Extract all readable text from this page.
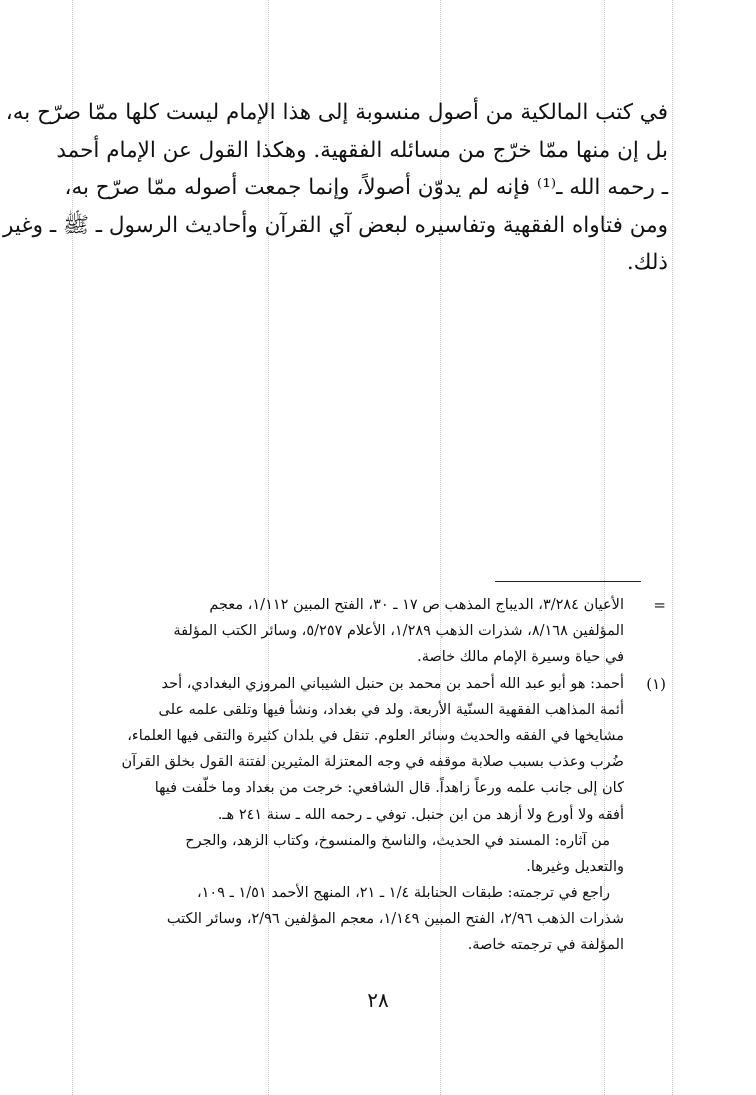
في كتب المالكية من أصول منسوبة إلى هذا الإمام ليست كلها ممّا صرّح به،
بل إن منها ممّا خرّج من مسائله الفقهية. وهكذا القول عن الإمام أحمد
ـ رحمه الله ـ⁽¹⁾ فإنه لم يدوّن أصولاً، وإنما جمعت أصوله ممّا صرّح به،
ومن فتاواه الفقهية وتفاسيره لبعض آي القرآن وأحاديث الرسول ـ ﷺ ـ وغير
ذلك.
=
الأعيان ٣/٢٨٤، الديباج المذهب ص ١٧ ـ ٣٠، الفتح المبين ١/١١٢، معجم
المؤلفين ٨/١٦٨، شذرات الذهب ١/٢٨٩، الأعلام ٥/٢٥٧، وسائر الكتب المؤلفة
في حياة وسيرة الإمام مالك خاصة.
(١)
أحمد: هو أبو عبد الله أحمد بن محمد بن حنبل الشيباني المروزي البغدادي، أحد
أئمة المذاهب الفقهية السنّية الأربعة. ولد في بغداد، ونشأ فيها وتلقى علمه على
مشايخها في الفقه والحديث وسائر العلوم. تنقل في بلدان كثيرة والتقى فيها العلماء،
ضُرب وعذب بسبب صلابة موقفه في وجه المعتزلة المثيرين لفتنة القول بخلق القرآن
كان إلى جانب علمه ورعاً زاهداً. قال الشافعي: خرجت من بغداد وما خلّفت فيها
أفقه ولا أورع ولا أزهد من ابن حنبل. توفي ـ رحمه الله ـ سنة ٢٤١ هـ.
من آثاره: المسند في الحديث، والناسخ والمنسوخ، وكتاب الزهد، والجرح
والتعديل وغيرها.
راجع في ترجمته: طبقات الحنابلة ١/٤ ـ ٢١، المنهج الأحمد ١/٥١ ـ ١٠٩،
شذرات الذهب ٢/٩٦، الفتح المبين ١/١٤٩، معجم المؤلفين ٢/٩٦، وسائر الكتب
المؤلفة في ترجمته خاصة.
٢٨
